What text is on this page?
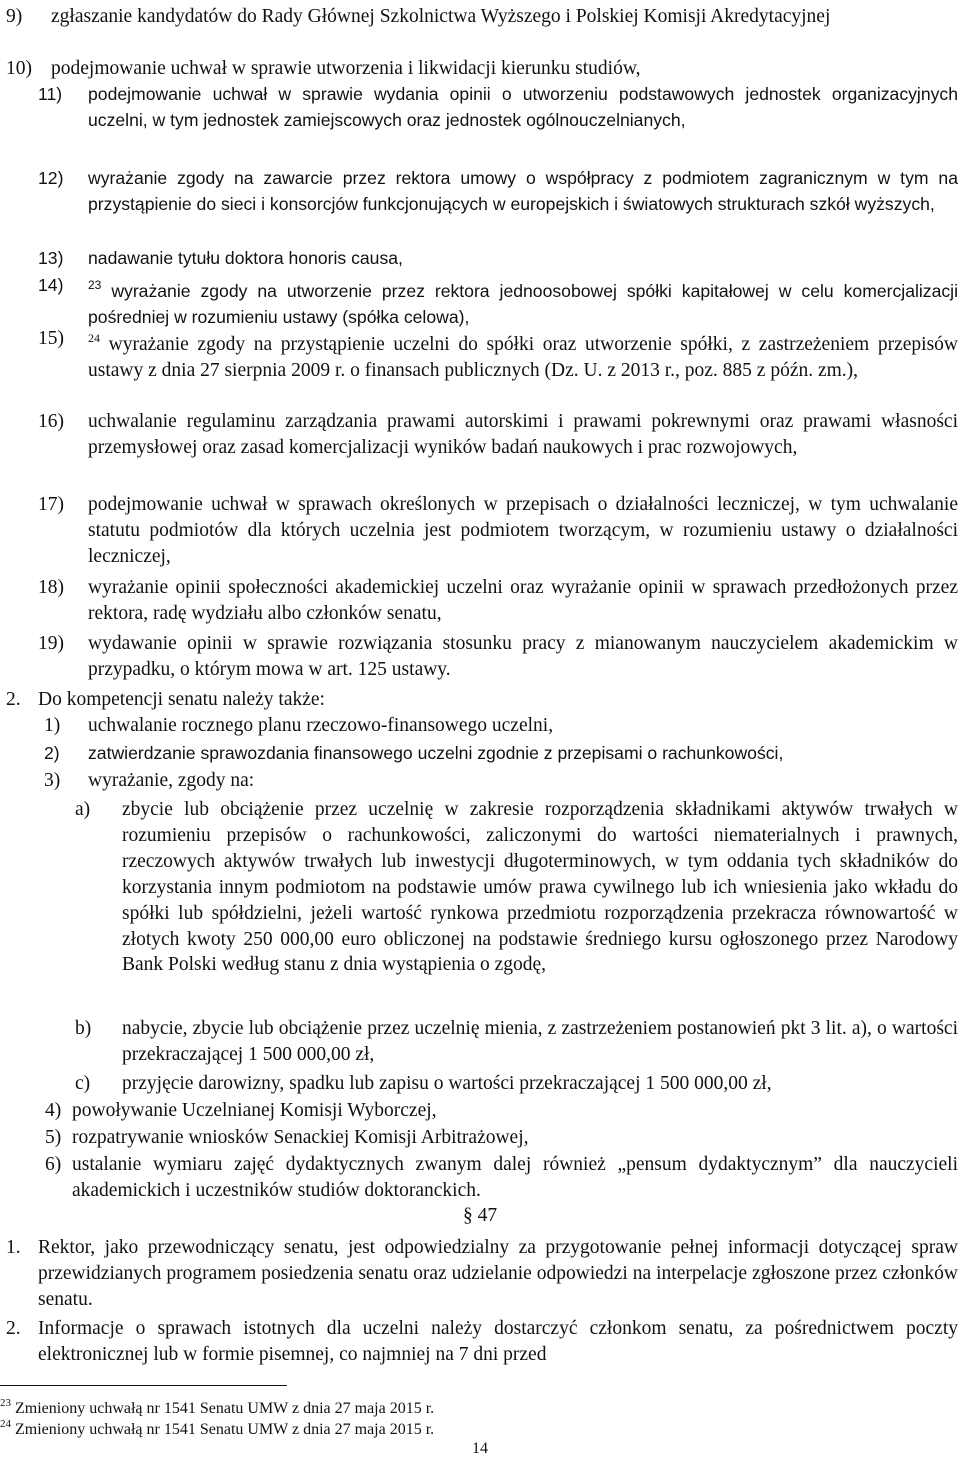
9) zgłaszanie kandydatów do Rady Głównej Szkolnictwa Wyższego i Polskiej Komisji Akredytacyjnej
10) podejmowanie uchwał w sprawie utworzenia i likwidacji kierunku studiów,
11) podejmowanie uchwał w sprawie wydania opinii o utworzeniu podstawowych jednostek organizacyjnych uczelni, w tym jednostek zamiejscowych oraz jednostek ogólnouczelnianych,
12) wyrażanie zgody na zawarcie przez rektora umowy o współpracy z podmiotem zagranicznym w tym na przystąpienie do sieci i konsorcjów funkcjonujących w europejskich i światowych strukturach szkół wyższych,
13) nadawanie tytułu doktora honoris causa,
14) $^{23}$ wyrażanie zgody na utworzenie przez rektora jednoosobowej spółki kapitałowej w celu komercjalizacji pośredniej w rozumieniu ustawy (spółka celowa),
15) $^{24}$ wyrażanie zgody na przystąpienie uczelni do spółki oraz utworzenie spółki, z zastrzeżeniem przepisów ustawy z dnia 27 sierpnia 2009 r. o finansach publicznych (Dz. U. z 2013 r., poz. 885 z późn. zm.),
16) uchwalanie regulaminu zarządzania prawami autorskimi i prawami pokrewnymi oraz prawami własności przemysłowej oraz zasad komercjalizacji wyników badań naukowych i prac rozwojowych,
17) podejmowanie uchwał w sprawach określonych w przepisach o działalności leczniczej, w tym uchwalanie statutu podmiotów dla których uczelnia jest podmiotem tworzącym, w rozumieniu ustawy o działalności leczniczej,
18) wyrażanie opinii społeczności akademickiej uczelni oraz wyrażanie opinii w sprawach przedłożonych przez rektora, radę wydziału albo członków senatu,
19) wydawanie opinii w sprawie rozwiązania stosunku pracy z mianowanym nauczycielem akademickim w przypadku, o którym mowa w art. 125 ustawy.
2. Do kompetencji senatu należy także:
1) uchwalanie rocznego planu rzeczowo-finansowego uczelni,
2) zatwierdzanie sprawozdania finansowego uczelni zgodnie z przepisami o rachunkowości,
3) wyrażanie, zgody na:
a) zbycie lub obciążenie przez uczelnię w zakresie rozporządzenia składnikami aktywów trwałych w rozumieniu przepisów o rachunkowości, zaliczonymi do wartości niematerialnych i prawnych, rzeczowych aktywów trwałych lub inwestycji długoterminowych, w tym oddania tych składników do korzystania innym podmiotom na podstawie umów prawa cywilnego lub ich wniesienia jako wkładu do spółki lub spółdzielni, jeżeli wartość rynkowa przedmiotu rozporządzenia przekracza równowartość w złotych kwoty 250 000,00 euro obliczonej na podstawie średniego kursu ogłoszonego przez Narodowy Bank Polski według stanu z dnia wystąpienia o zgodę,
b) nabycie, zbycie lub obciążenie przez uczelnię mienia, z zastrzeżeniem postanowień pkt 3 lit. a), o wartości przekraczającej 1 500 000,00 zł,
c) przyjęcie darowizny, spadku lub zapisu o wartości przekraczającej 1 500 000,00 zł,
4) powoływanie Uczelnianej Komisji Wyborczej,
5) rozpatrywanie wniosków Senackiej Komisji Arbitrażowej,
6) ustalanie wymiaru zajęć dydaktycznych zwanym dalej również „pensum dydaktycznym” dla nauczycieli akademickich i uczestników studiów doktoranckich.
§ 47
1. Rektor, jako przewodniczący senatu, jest odpowiedzialny za przygotowanie pełnej informacji dotyczącej spraw przewidzianych programem posiedzenia senatu oraz udzielanie odpowiedzi na interpelacje zgłoszone przez członków senatu.
2. Informacje o sprawach istotnych dla uczelni należy dostarczyć członkom senatu, za pośrednictwem poczty elektronicznej lub w formie pisemnej, co najmniej na 7 dni przed
$^{23}$ Zmieniony uchwałą nr 1541 Senatu UMW z dnia 27 maja 2015 r.
$^{24}$ Zmieniony uchwałą nr 1541 Senatu UMW z dnia 27 maja 2015 r.
14
